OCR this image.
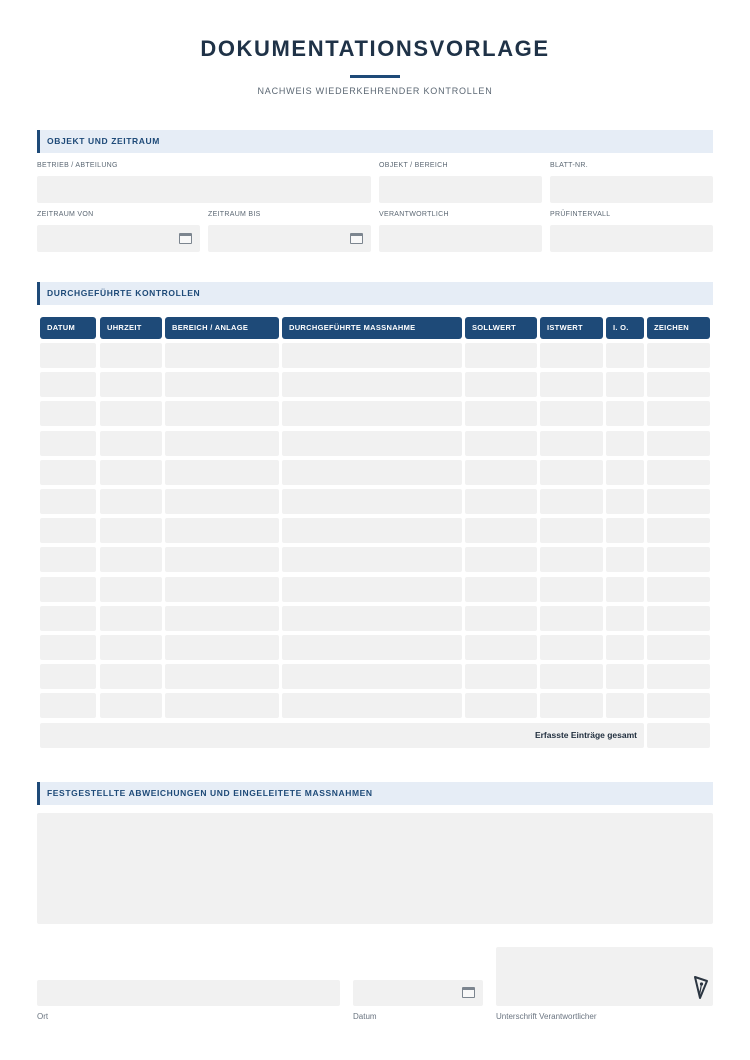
DOKUMENTATIONSVORLAGE
NACHWEIS WIEDERKEHRENDER KONTROLLEN
OBJEKT UND ZEITRAUM
BETRIEB / ABTEILUNG	OBJEKT / BEREICH	BLATT-NR.
ZEITRAUM VON	ZEITRAUM BIS	VERANTWORTLICH	PRÜFINTERVALL
DURCHGEFÜHRTE KONTROLLEN
DATUM	UHRZEIT	BEREICH / ANLAGE	DURCHGEFÜHRTE MASSNAHME	SOLLWERT	ISTWERT	I. O.	ZEICHEN
Erfasste Einträge gesamt
FESTGESTELLTE ABWEICHUNGEN UND EINGELEITETE MASSNAHMEN
Ort	Datum	Unterschrift Verantwortlicher
